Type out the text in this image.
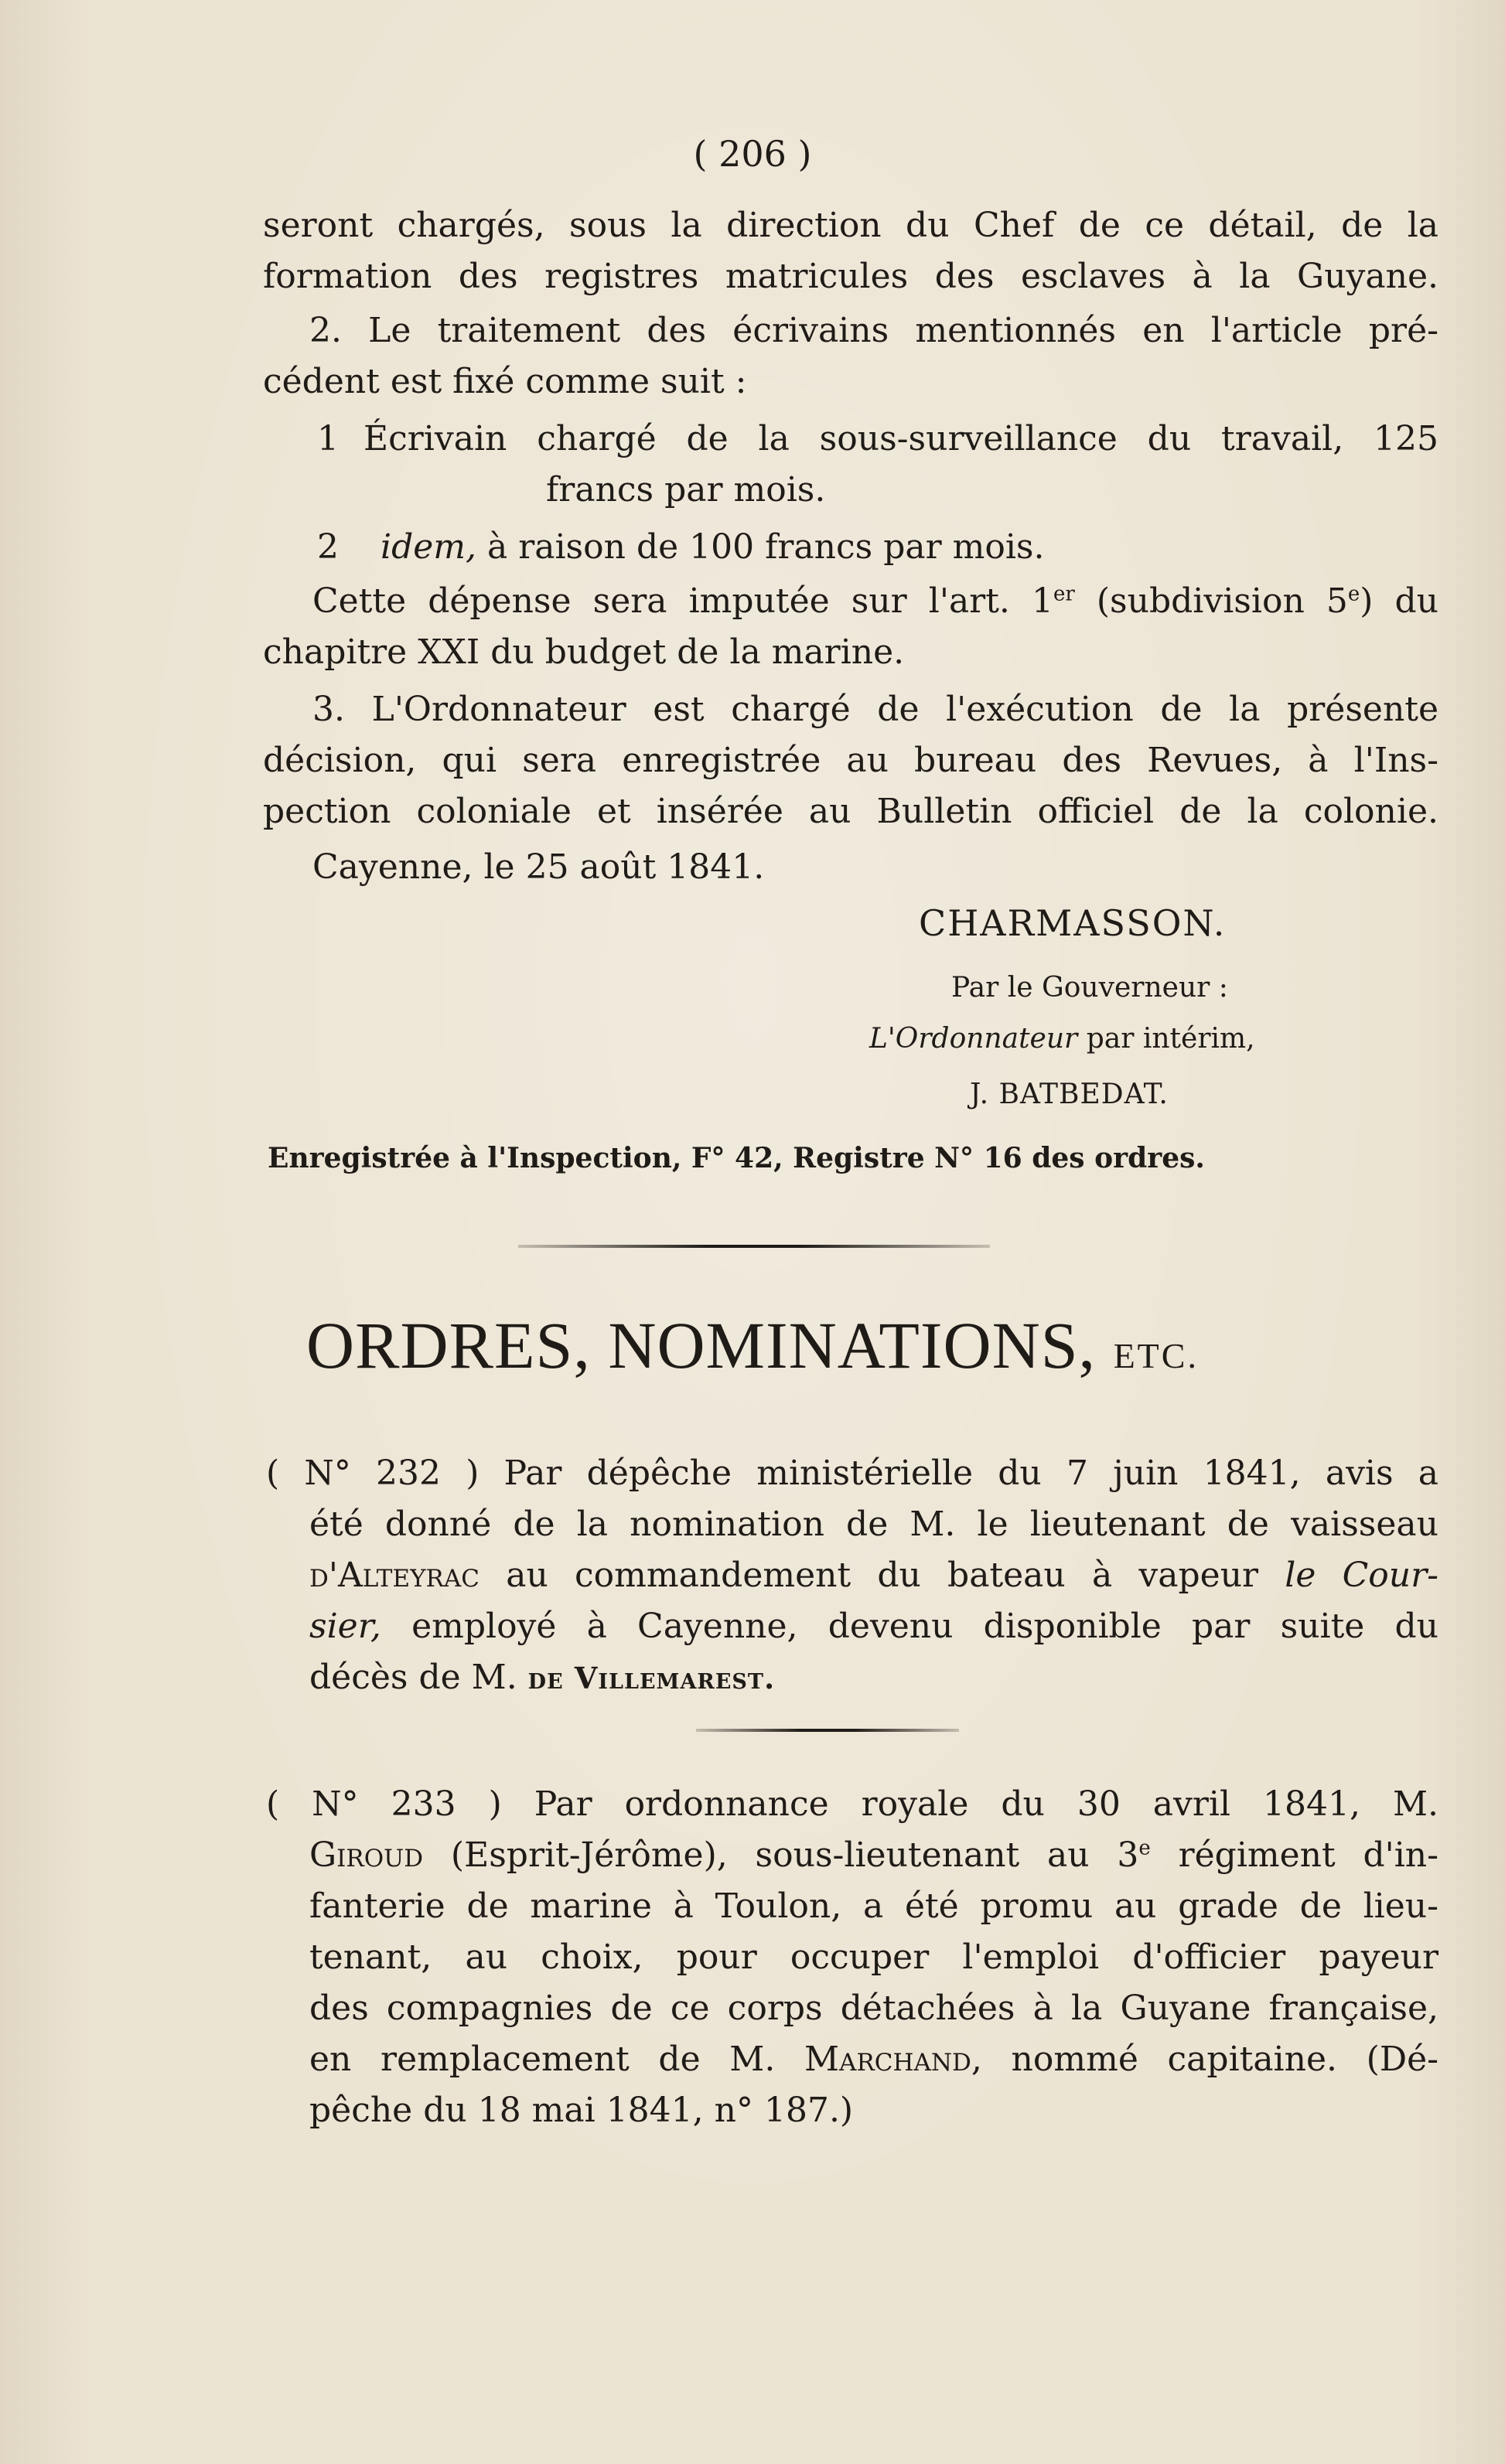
( 206 )
seront chargés, sous la direction du Chef de ce détail, de la
formation des registres matricules des esclaves à la Guyane.
2. Le traitement des écrivains mentionnés en l'article pré-
cédent est fixé comme suit :
1 Écrivain chargé de la sous-surveillance du travail, 125
francs par mois.
2 idem, à raison de 100 francs par mois.
Cette dépense sera imputée sur l'art. 1er (subdivision 5e) du
chapitre XXI du budget de la marine.
3. L'Ordonnateur est chargé de l'exécution de la présente
décision, qui sera enregistrée au bureau des Revues, à l'Ins-
pection coloniale et insérée au Bulletin officiel de la colonie.
Cayenne, le 25 août 1841.
CHARMASSON.
Par le Gouverneur :
L'Ordonnateur par intérim,
J. BATBEDAT.
Enregistrée à l'Inspection, F° 42, Registre N° 16 des ordres.
ORDRES, NOMINATIONS, ETC.
( N° 232 ) Par dépêche ministérielle du 7 juin 1841, avis a
été donné de la nomination de M. le lieutenant de vaisseau
d'Alteyrac au commandement du bateau à vapeur le Cour-
sier, employé à Cayenne, devenu disponible par suite du
décès de M. de Villemarest.
( N° 233 ) Par ordonnance royale du 30 avril 1841, M.
Giroud (Esprit-Jérôme), sous-lieutenant au 3e régiment d'in-
fanterie de marine à Toulon, a été promu au grade de lieu-
tenant, au choix, pour occuper l'emploi d'officier payeur
des compagnies de ce corps détachées à la Guyane française,
en remplacement de M. Marchand, nommé capitaine. (Dé-
pêche du 18 mai 1841, n° 187.)
